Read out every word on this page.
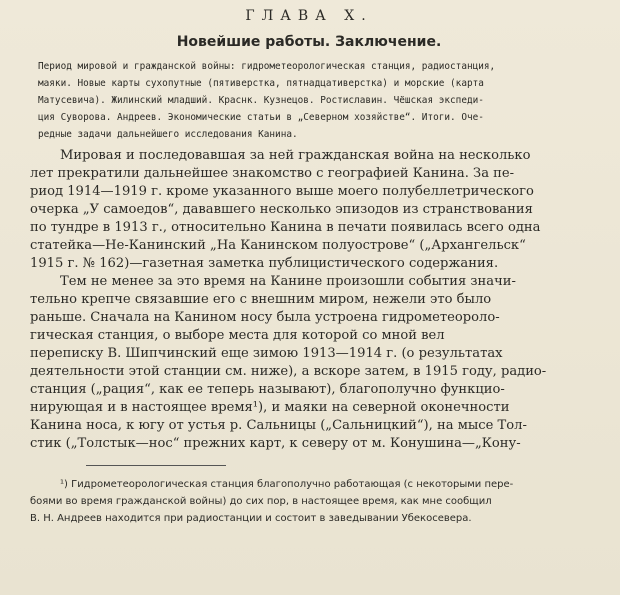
ГЛАВА X.
Новейшие работы. Заключение.
Период мировой и гражданской войны: гидрометеорологическая станция, радиостанция,
маяки. Новые карты сухопутные (пятиверстка, пятнадцативерстка) и морские (карта
Матусевича). Жилинский младший. Краснк. Кузнецов. Ростиславин. Чёшская экспеди-
ция Суворова. Андреев. Экономические статьи в „Северном хозяйстве“. Итоги. Оче-
редные задачи дальнейшего исследования Канина.
Мировая и последовавшая за ней гражданская война на несколько
лет прекратили дальнейшее знакомство с географией Канина. За пе-
риод 1914—1919 г. кроме указанного выше моего полубеллетрического
очерка „У самоедов“, дававшего несколько эпизодов из странствования
по тундре в 1913 г., относительно Канина в печати появилась всего одна
статейка—Не-Канинский „На Канинском полуострове“ („Архангельск“
1915 г. № 162)—газетная заметка публицистического содержания.
Тем не менее за это время на Канине произошли события значи-
тельно крепче связавшие его с внешним миром, нежели это было
раньше. Сначала на Канином носу была устроена гидрометеороло-
гическая станция, о выборе места для которой со мной вел
переписку В. Шипчинский еще зимою 1913—1914 г. (о результатах
деятельности этой станции см. ниже), а вскоре затем, в 1915 году, радио-
станция („рация“, как ее теперь называют), благополучно функцио-
нирующая и в настоящее время¹), и маяки на северной оконечности
Канина носа, к югу от устья р. Сальницы („Сальницкий“), на мысе Тол-
стик („Толстык—нос“ прежних карт, к северу от м. Конушина—„Кону-
¹) Гидрометеорологическая станция благополучно работающая (с некоторыми пере-
боями во время гражданской войны) до сих пор, в настоящее время, как мне сообщил
В. Н. Андреев находится при радиостанции и состоит в заведывании Убекосевера.
